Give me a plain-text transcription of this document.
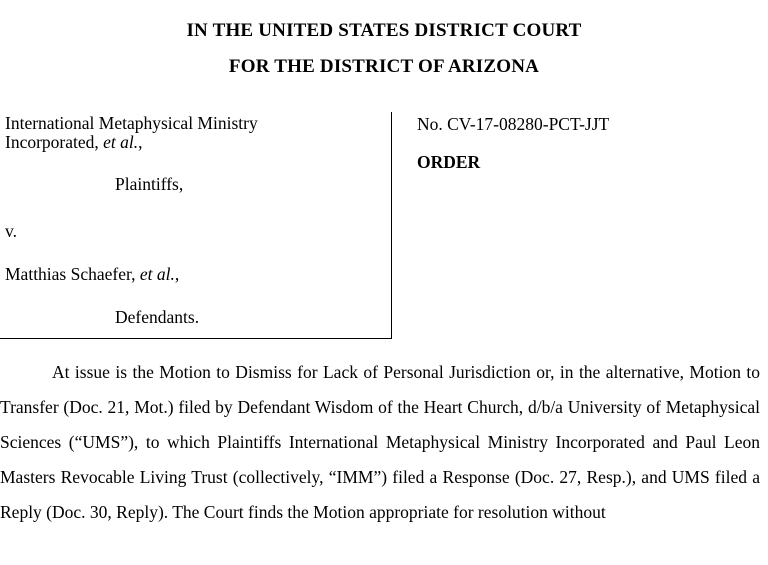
IN THE UNITED STATES DISTRICT COURT
FOR THE DISTRICT OF ARIZONA
International Metaphysical Ministry
Incorporated, et al.,
Plaintiffs,
v.
Matthias Schaefer, et al.,
Defendants.
No. CV-17-08280-PCT-JJT
ORDER
At issue is the Motion to Dismiss for Lack of Personal Jurisdiction or, in the alternative, Motion to Transfer (Doc. 21, Mot.) filed by Defendant Wisdom of the Heart Church, d/b/a University of Metaphysical Sciences (“UMS”), to which Plaintiffs International Metaphysical Ministry Incorporated and Paul Leon Masters Revocable Living Trust (collectively, “IMM”) filed a Response (Doc. 27, Resp.), and UMS filed a Reply (Doc. 30, Reply). The Court finds the Motion appropriate for resolution without
